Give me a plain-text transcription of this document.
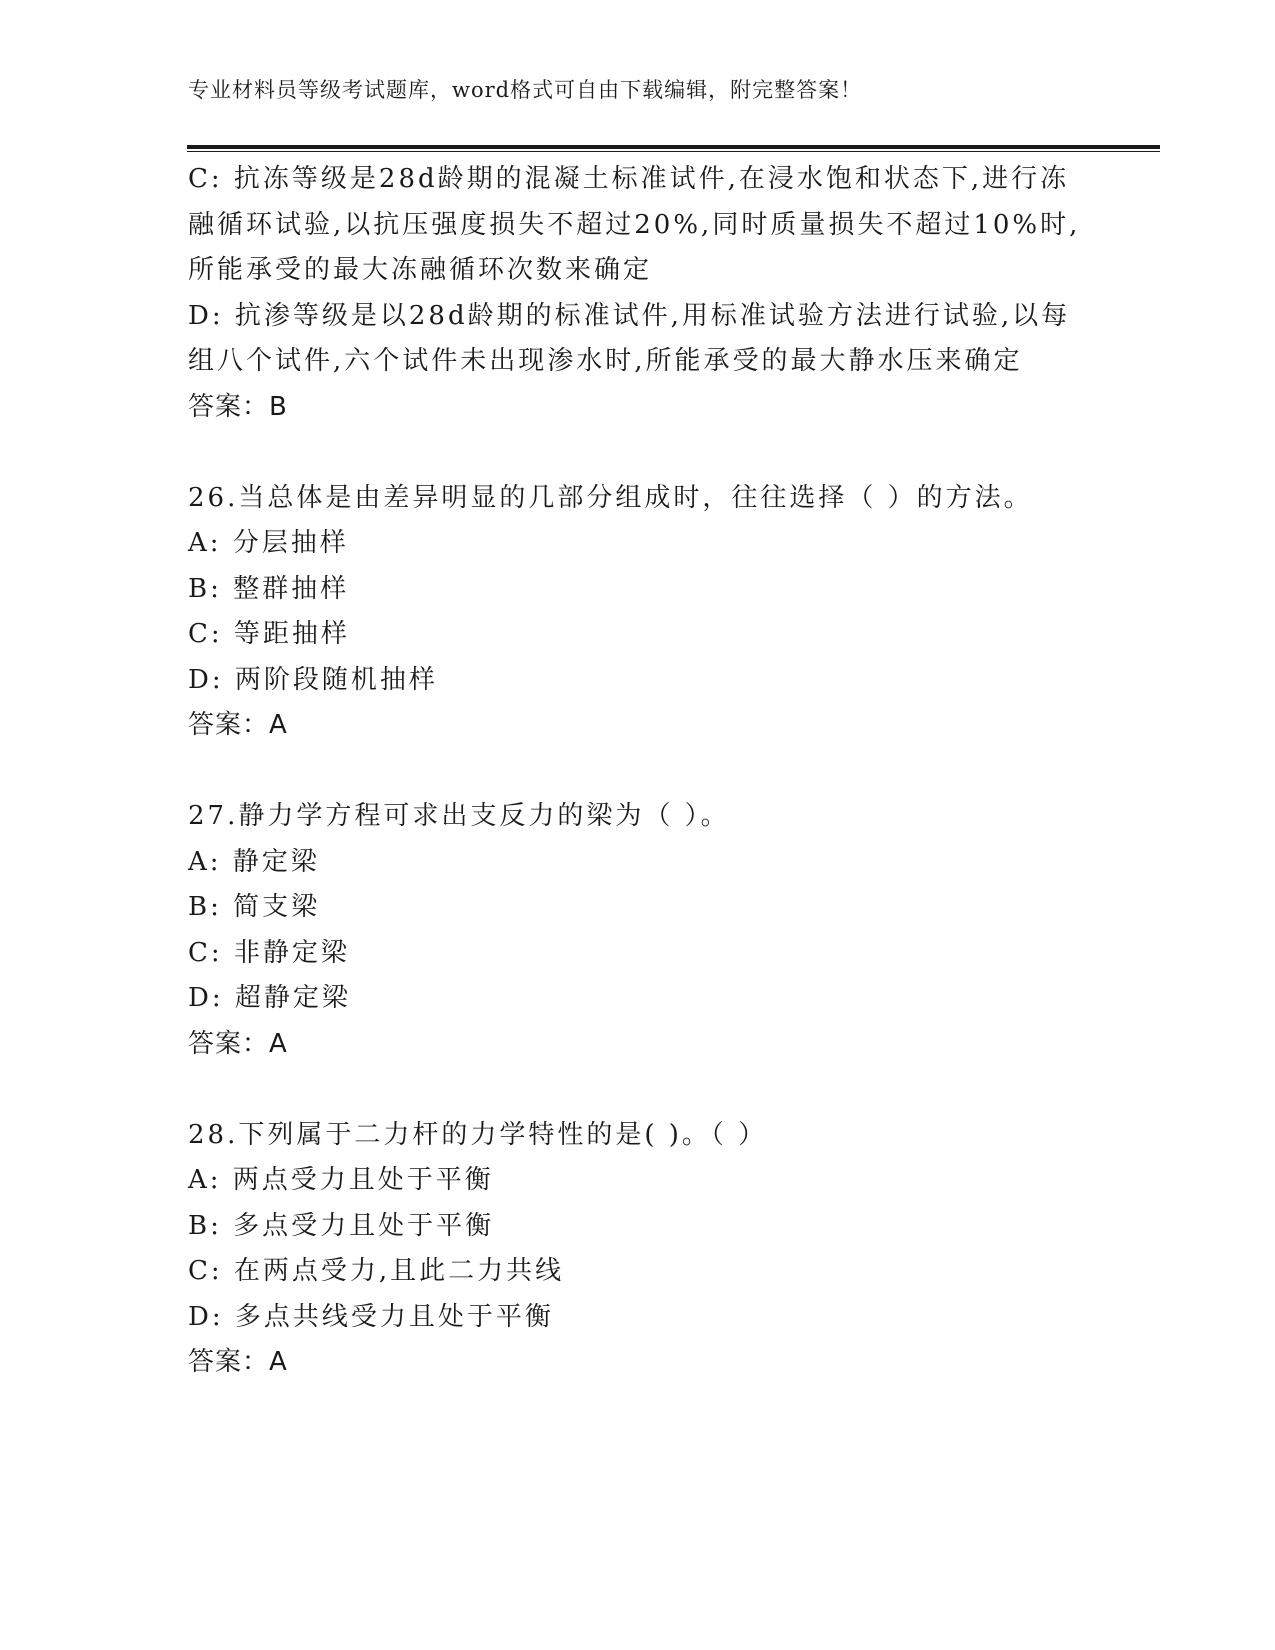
专业材料员等级考试题库，word格式可自由下载编辑，附完整答案！
C: 抗冻等级是28d龄期的混凝土标准试件,在浸水饱和状态下,进行冻
融循环试验,以抗压强度损失不超过20%,同时质量损失不超过10%时,
所能承受的最大冻融循环次数来确定
D: 抗渗等级是以28d龄期的标准试件,用标准试验方法进行试验,以每
组八个试件,六个试件未出现渗水时,所能承受的最大静水压来确定
答案：B
26.当总体是由差异明显的几部分组成时，往往选择（ ）的方法。
A: 分层抽样
B: 整群抽样
C: 等距抽样
D: 两阶段随机抽样
答案：A
27.静力学方程可求出支反力的梁为（ ）。
A: 静定梁
B: 简支梁
C: 非静定梁
D: 超静定梁
答案：A
28.下列属于二力杆的力学特性的是( )。（ ）
A: 两点受力且处于平衡
B: 多点受力且处于平衡
C: 在两点受力,且此二力共线
D: 多点共线受力且处于平衡
答案：A
